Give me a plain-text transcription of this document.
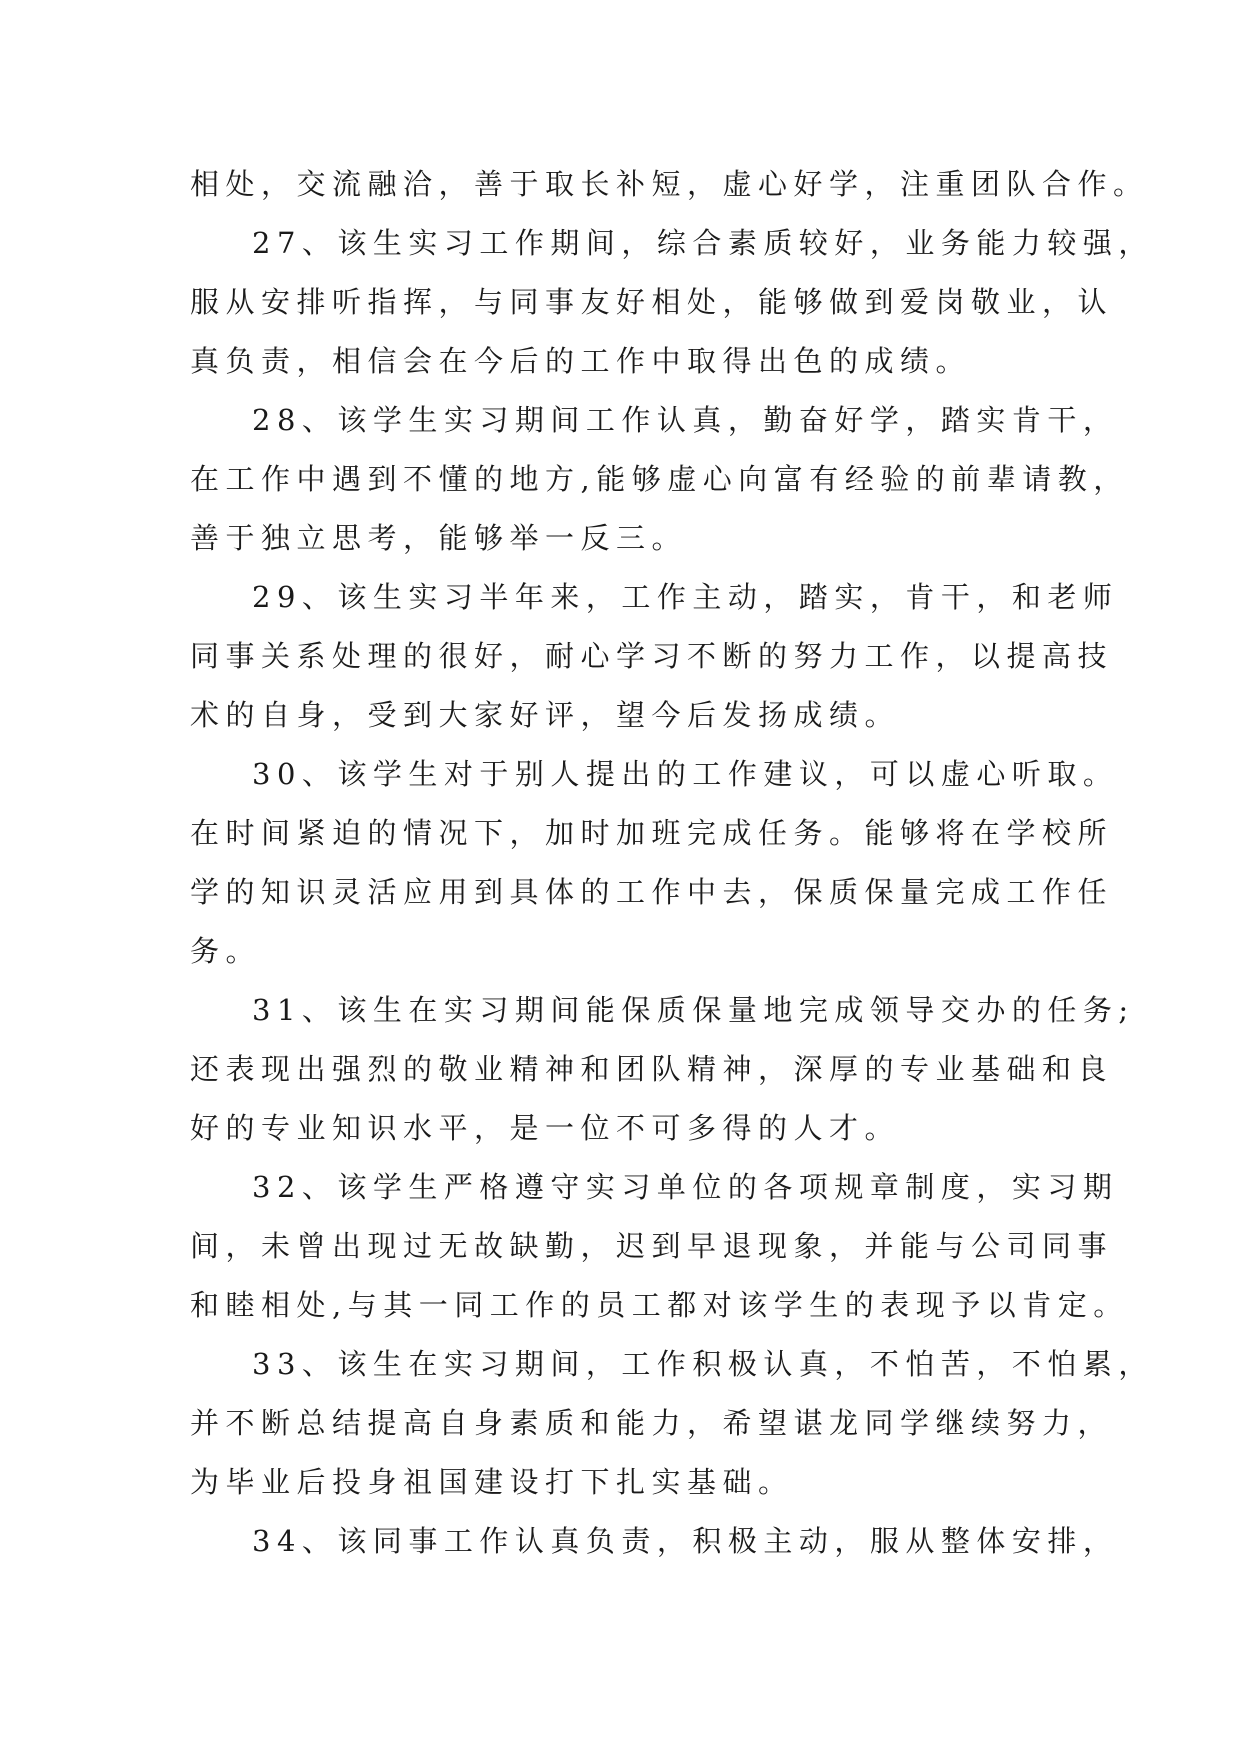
相处，交流融洽，善于取长补短，虚心好学，注重团队合作。
27、该生实习工作期间，综合素质较好，业务能力较强，
服从安排听指挥，与同事友好相处，能够做到爱岗敬业，认
真负责，相信会在今后的工作中取得出色的成绩。
28、该学生实习期间工作认真，勤奋好学，踏实肯干，
在工作中遇到不懂的地方,能够虚心向富有经验的前辈请教，
善于独立思考，能够举一反三。
29、该生实习半年来，工作主动，踏实，肯干，和老师
同事关系处理的很好，耐心学习不断的努力工作，以提高技
术的自身，受到大家好评，望今后发扬成绩。
30、该学生对于别人提出的工作建议，可以虚心听取。
在时间紧迫的情况下，加时加班完成任务。能够将在学校所
学的知识灵活应用到具体的工作中去，保质保量完成工作任
务。
31、该生在实习期间能保质保量地完成领导交办的任务;
还表现出强烈的敬业精神和团队精神，深厚的专业基础和良
好的专业知识水平，是一位不可多得的人才。
32、该学生严格遵守实习单位的各项规章制度，实习期
间，未曾出现过无故缺勤，迟到早退现象，并能与公司同事
和睦相处,与其一同工作的员工都对该学生的表现予以肯定。
33、该生在实习期间，工作积极认真，不怕苦，不怕累，
并不断总结提高自身素质和能力，希望谌龙同学继续努力，
为毕业后投身祖国建设打下扎实基础。
34、该同事工作认真负责，积极主动，服从整体安排，
